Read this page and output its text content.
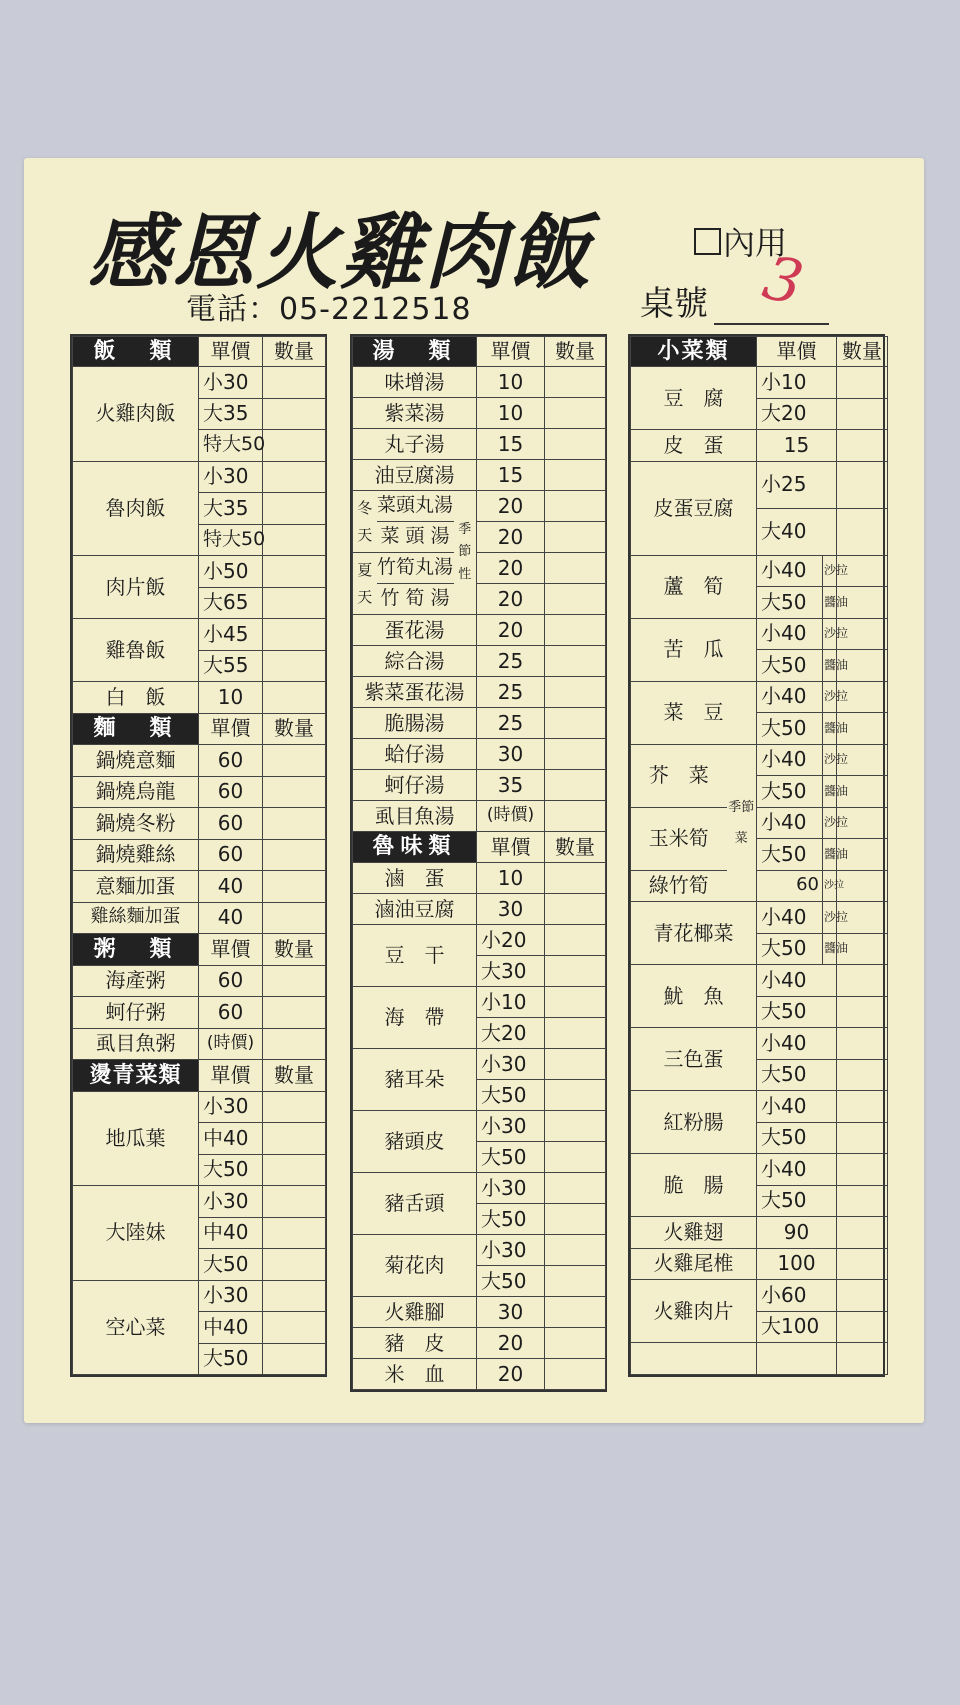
感恩火雞肉飯
電話：05-2212518
內用
桌號 3
飯　類	單價	數量
火雞肉飯	小30	
	大35	
	特大50	
魯肉飯	小30	
	大35	
	特大50	
肉片飯	小50	
	大65	
雞魯飯	小45	
	大55	
白　飯	10	
麵　類	單價	數量
鍋燒意麵	60	
鍋燒烏龍	60	
鍋燒冬粉	60	
鍋燒雞絲	60	
意麵加蛋	40	
雞絲麵加蛋	40	
粥　類	單價	數量
海產粥	60	
蚵仔粥	60	
虱目魚粥	(時價)	
燙青菜類	單價	數量
地瓜葉	小30	
	中40	
	大50	
大陸妹	小30	
	中40	
	大50	
空心菜	小30	
	中40	
	大50	
湯　類			單價	數量
味增湯			10	
紫菜湯			10	
丸子湯			15	
油豆腐湯			15	
冬天	菜頭丸湯	季節性	20	
	菜 頭 湯		20	
夏天	竹筍丸湯		20	
	竹 筍 湯		20	
蛋花湯			20	
綜合湯			25	
紫菜蛋花湯			25	
脆腸湯			25	
蛤仔湯			30	
蚵仔湯			35	
虱目魚湯			(時價)	
魯味類			單價	數量
滷　蛋			10	
滷油豆腐			30	
豆　干			小20	
			大30	
海　帶			小10	
			大20	
豬耳朵			小30	
			大50	
豬頭皮			小30	
			大50	
豬舌頭			小30	
			大50	
菊花肉			小30	
			大50	
火雞腳			30	
豬　皮			20	
米　血			20	
小菜類		單價		數量
豆　腐		小10		
		大20		
皮　蛋		15		
皮蛋豆腐		小25		
		大40		
蘆　筍		小40	沙拉	
		大50	醬油	
苦　瓜		小40	沙拉	
		大50	醬油	
菜　豆		小40	沙拉	
		大50	醬油	
芥　菜	季節菜	小40	沙拉	
		大50	醬油	
玉米筍		小40	沙拉	
		大50	醬油	
綠竹筍		60	沙拉	
青花椰菜		小40	沙拉	
		大50	醬油	
魷　魚		小40		
		大50		
三色蛋		小40		
		大50		
紅粉腸		小40		
		大50		
脆　腸		小40		
		大50		
火雞翅		90		
火雞尾椎		100		
火雞肉片		小60		
		大100		
